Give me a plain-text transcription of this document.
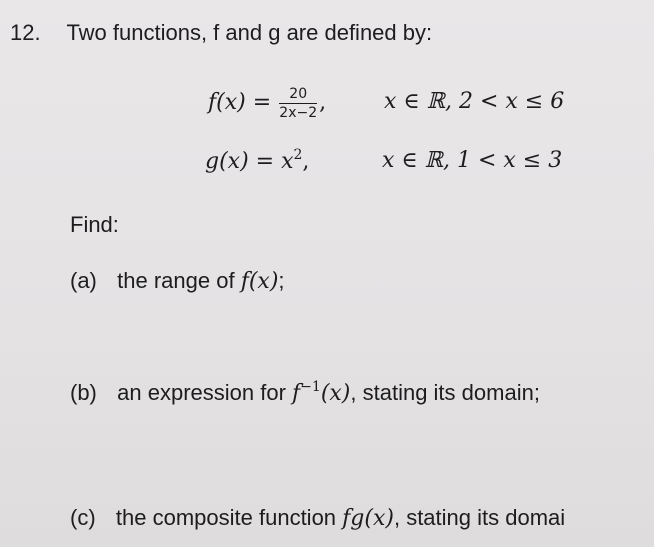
12. Two functions, f and g are defined by:
$f(x) = \frac{20}{2x-2}$ ,	x ∈ ℝ, 2 < x ≤ 6
$g(x) = x^2$,	x ∈ ℝ, 1 < x ≤ 3
Find:
(a) the range of f(x);
(b) an expression for $f^{-1}(x)$, stating its domain;
(c) the composite function fg(x), stating its domai
